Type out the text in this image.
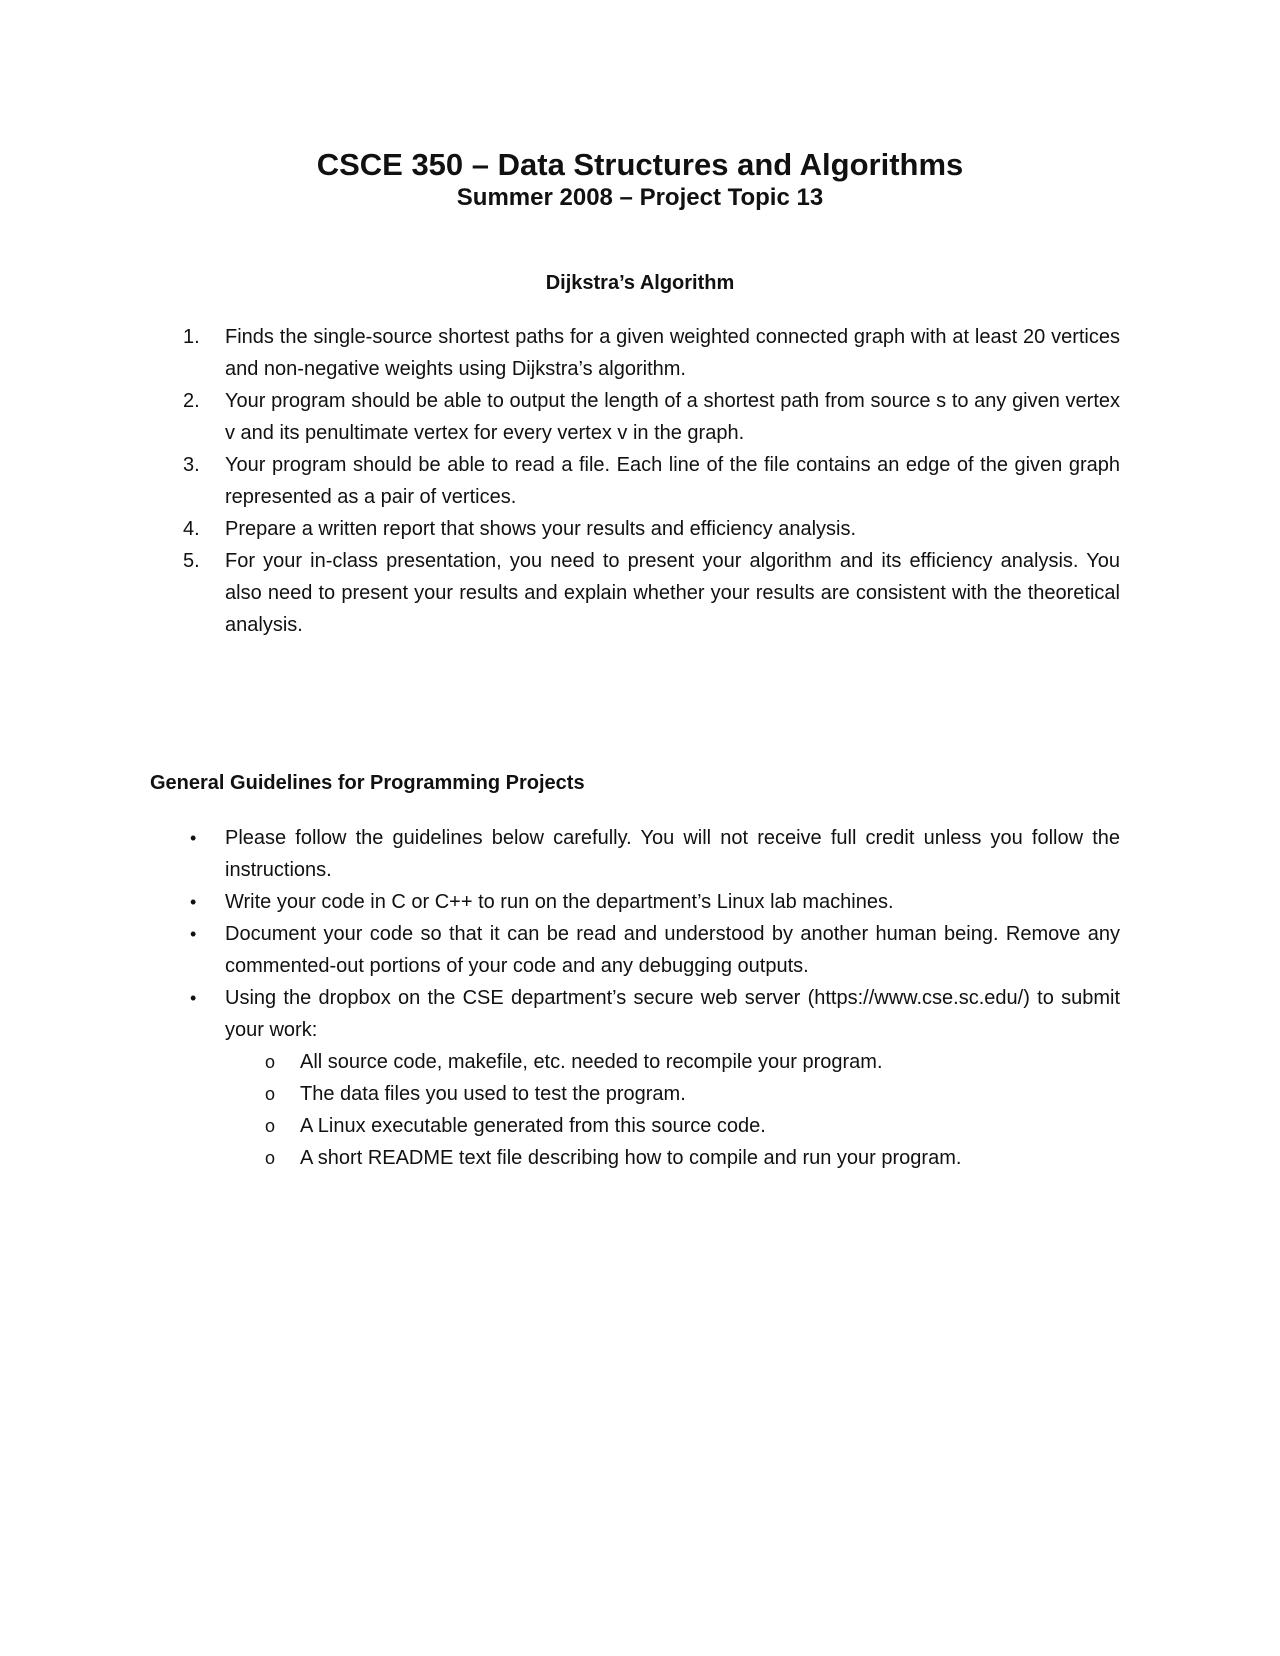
CSCE 350 – Data Structures and Algorithms
Summer 2008 – Project Topic 13
Dijkstra’s Algorithm
1.	Finds the single-source shortest paths for a given weighted connected graph with at least 20 vertices and non-negative weights using Dijkstra’s algorithm.
2.	Your program should be able to output the length of a shortest path from source s to any given vertex v and its penultimate vertex for every vertex v in the graph.
3.	Your program should be able to read a file. Each line of the file contains an edge of the given graph represented as a pair of vertices.
4.	Prepare a written report that shows your results and efficiency analysis.
5.	For your in-class presentation, you need to present your algorithm and its efficiency analysis. You also need to present your results and explain whether your results are consistent with the theoretical analysis.
General Guidelines for Programming Projects
•	Please follow the guidelines below carefully. You will not receive full credit unless you follow the instructions.
•	Write your code in C or C++ to run on the department’s Linux lab machines.
•	Document your code so that it can be read and understood by another human being. Remove any commented-out portions of your code and any debugging outputs.
•	Using the dropbox on the CSE department’s secure web server (https://www.cse.sc.edu/) to submit your work:
o	All source code, makefile, etc. needed to recompile your program.
o	The data files you used to test the program.
o	A Linux executable generated from this source code.
o	A short README text file describing how to compile and run your program.
